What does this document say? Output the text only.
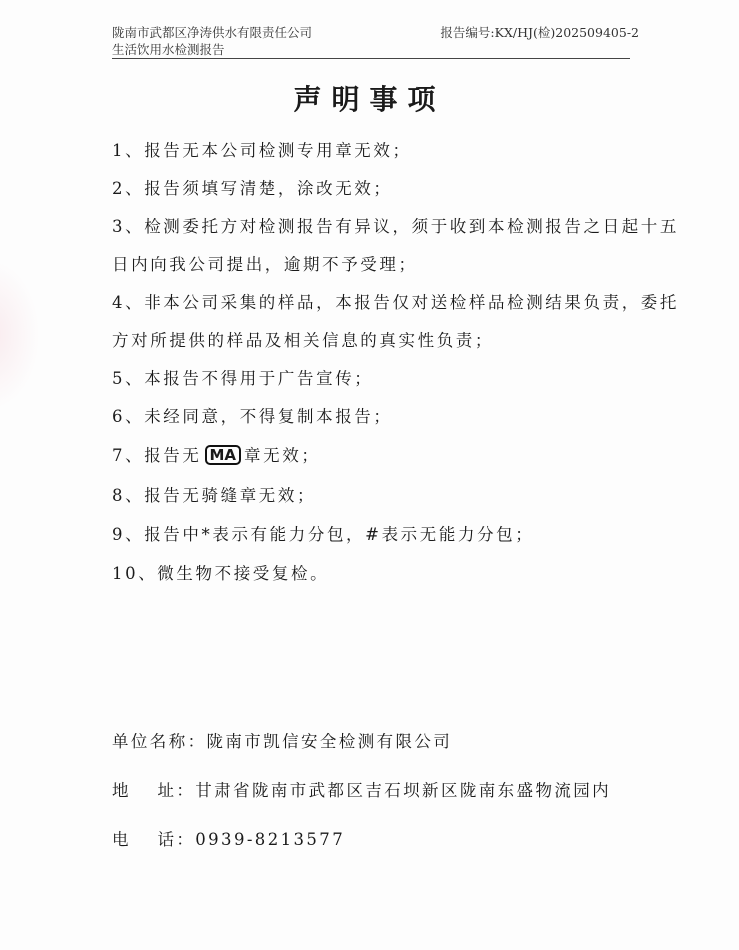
陇南市武都区净涛供水有限责任公司
生活饮用水检测报告
报告编号:KX/HJ(检)202509405-2
声明事项
1、报告无本公司检测专用章无效；
2、报告须填写清楚，涂改无效；
3、检测委托方对检测报告有异议，须于收到本检测报告之日起十五
日内向我公司提出，逾期不予受理；
4、非本公司采集的样品，本报告仅对送检样品检测结果负责，委托
方对所提供的样品及相关信息的真实性负责；
5、本报告不得用于广告宣传；
6、未经同意，不得复制本报告；
7、报告无 MA 章无效；
8、报告无骑缝章无效；
9、报告中*表示有能力分包，#表示无能力分包；
10、微生物不接受复检。
单位名称：陇南市凯信安全检测有限公司
地　 址：甘肃省陇南市武都区吉石坝新区陇南东盛物流园内
电　 话：0939-8213577
